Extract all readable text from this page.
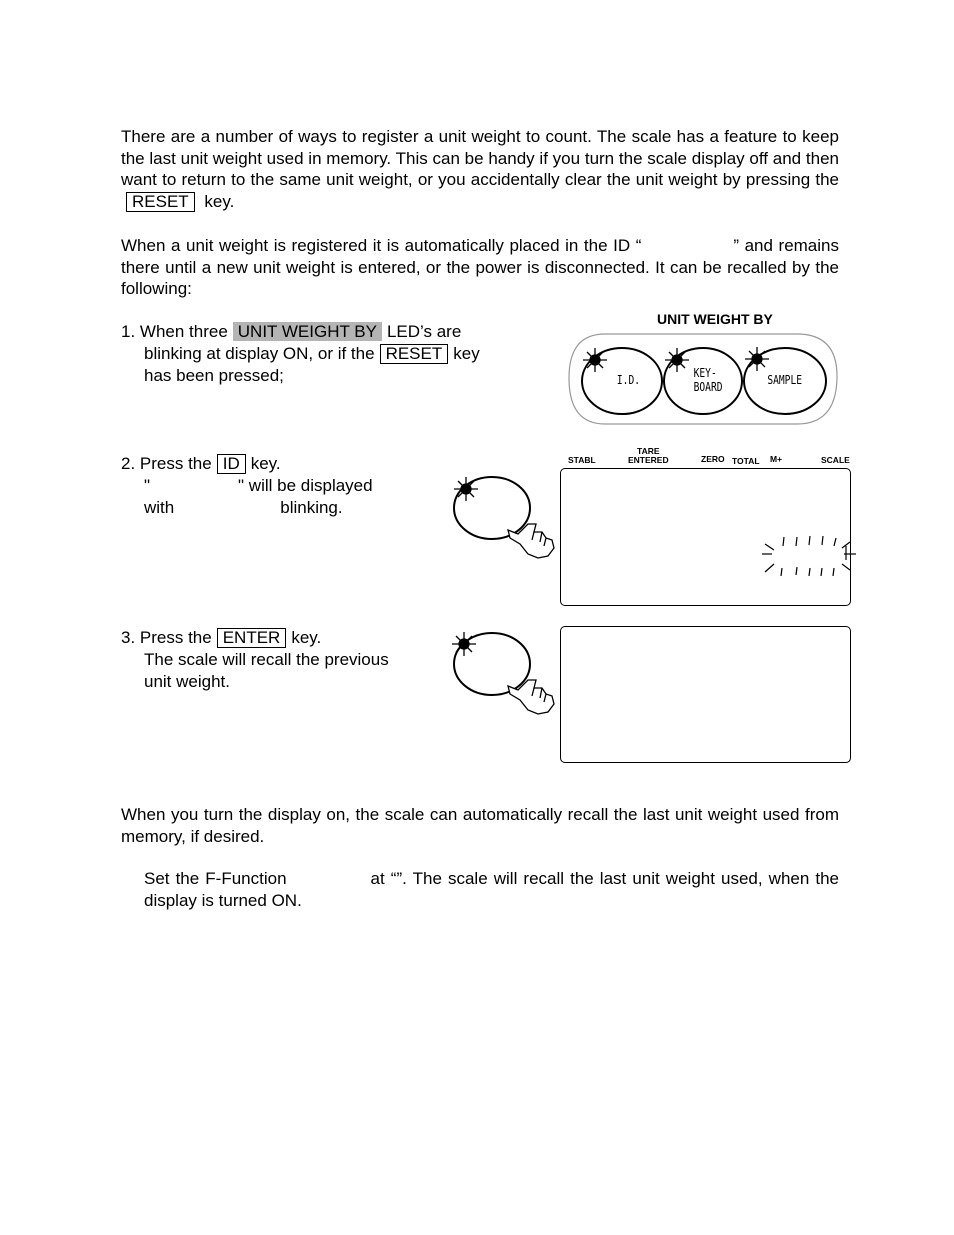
There are a number of ways to register a unit weight to count. The scale has a feature to keep the last unit weight used in memory. This can be handy if you turn the scale display off and then want to return to the same unit weight, or you accidentally clear the unit weight by pressing the RESET key.
When a unit weight is registered it is automatically placed in the ID “	” and remains there until a new unit weight is entered, or the power is disconnected. It can be recalled by the following:
1. When three UNIT WEIGHT BY LED’s are
blinking at display ON, or if the RESET key
has been pressed;
2. Press the ID key.
"	" will be displayed
with	blinking.
3. Press the ENTER key.
The scale will recall the previous
unit weight.
UNIT WEIGHT BY
I.D.	KEY-
BOARD	SAMPLE
STABL
TARE
ENTERED	ZERO TOTAL M+	SCALE
When you turn the display on, the scale can automatically recall the last unit weight used from memory, if desired.
Set the F-Function	at “”. The scale will recall the last unit weight used, when the display is turned ON.
